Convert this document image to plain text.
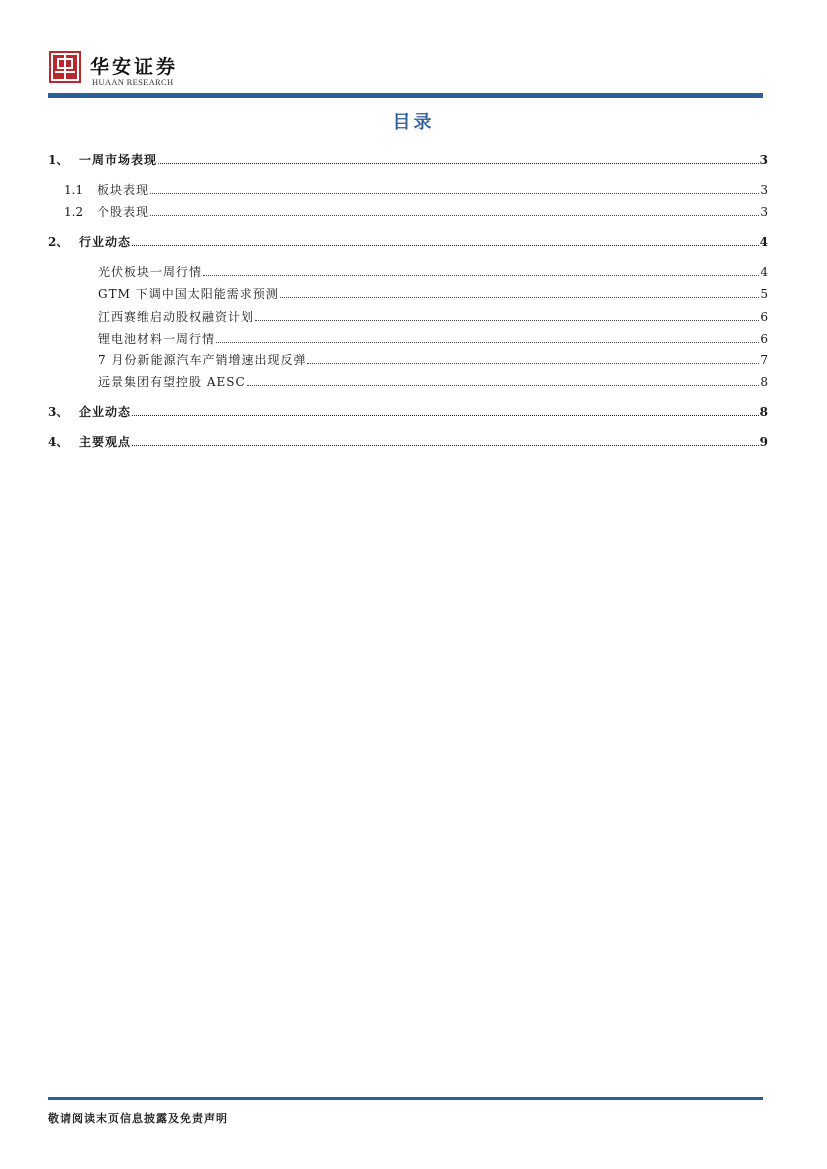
华安证券
HUAAN RESEARCH
目录
1、 一周市场表现	3
1.1	板块表现	3
1.2	个股表现	3
2、 行业动态	4
光伏板块一周行情	4
GTM 下调中国太阳能需求预测	5
江西赛维启动股权融资计划	6
锂电池材料一周行情	6
7 月份新能源汽车产销增速出现反弹	7
远景集团有望控股 AESC	8
3、 企业动态	8
4、 主要观点	9
敬请阅读末页信息披露及免责声明
